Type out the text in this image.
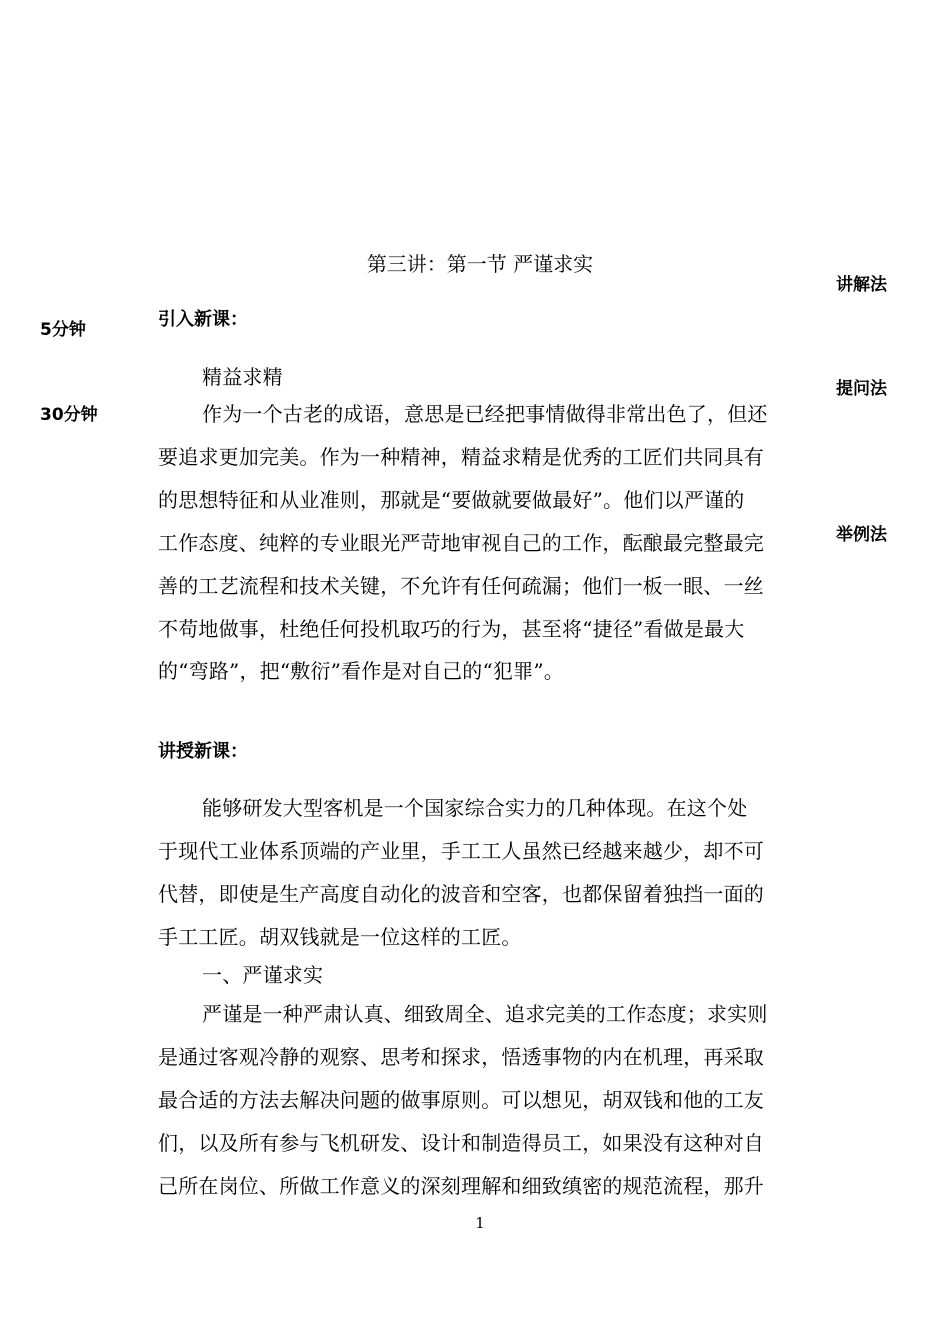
第三讲：第一节 严谨求实
讲解法
5分钟
提问法
30分钟
举例法
引入新课：
精益求精
作为一个古老的成语，意思是已经把事情做得非常出色了，但还
要追求更加完美。作为一种精神，精益求精是优秀的工匠们共同具有
的思想特征和从业准则，那就是“要做就要做最好”。他们以严谨的
工作态度、纯粹的专业眼光严苛地审视自己的工作，酝酿最完整最完
善的工艺流程和技术关键，不允许有任何疏漏；他们一板一眼、一丝
不苟地做事，杜绝任何投机取巧的行为，甚至将“捷径”看做是最大
的“弯路”，把“敷衍”看作是对自己的“犯罪”。
讲授新课：
能够研发大型客机是一个国家综合实力的几种体现。在这个处
于现代工业体系顶端的产业里，手工工人虽然已经越来越少，却不可
代替，即使是生产高度自动化的波音和空客，也都保留着独挡一面的
手工工匠。胡双钱就是一位这样的工匠。
一、严谨求实
严谨是一种严肃认真、细致周全、追求完美的工作态度；求实则
是通过客观冷静的观察、思考和探求，悟透事物的内在机理，再采取
最合适的方法去解决问题的做事原则。可以想见，胡双钱和他的工友
们，以及所有参与飞机研发、设计和制造得员工，如果没有这种对自
己所在岗位、所做工作意义的深刻理解和细致缜密的规范流程，那升
1
